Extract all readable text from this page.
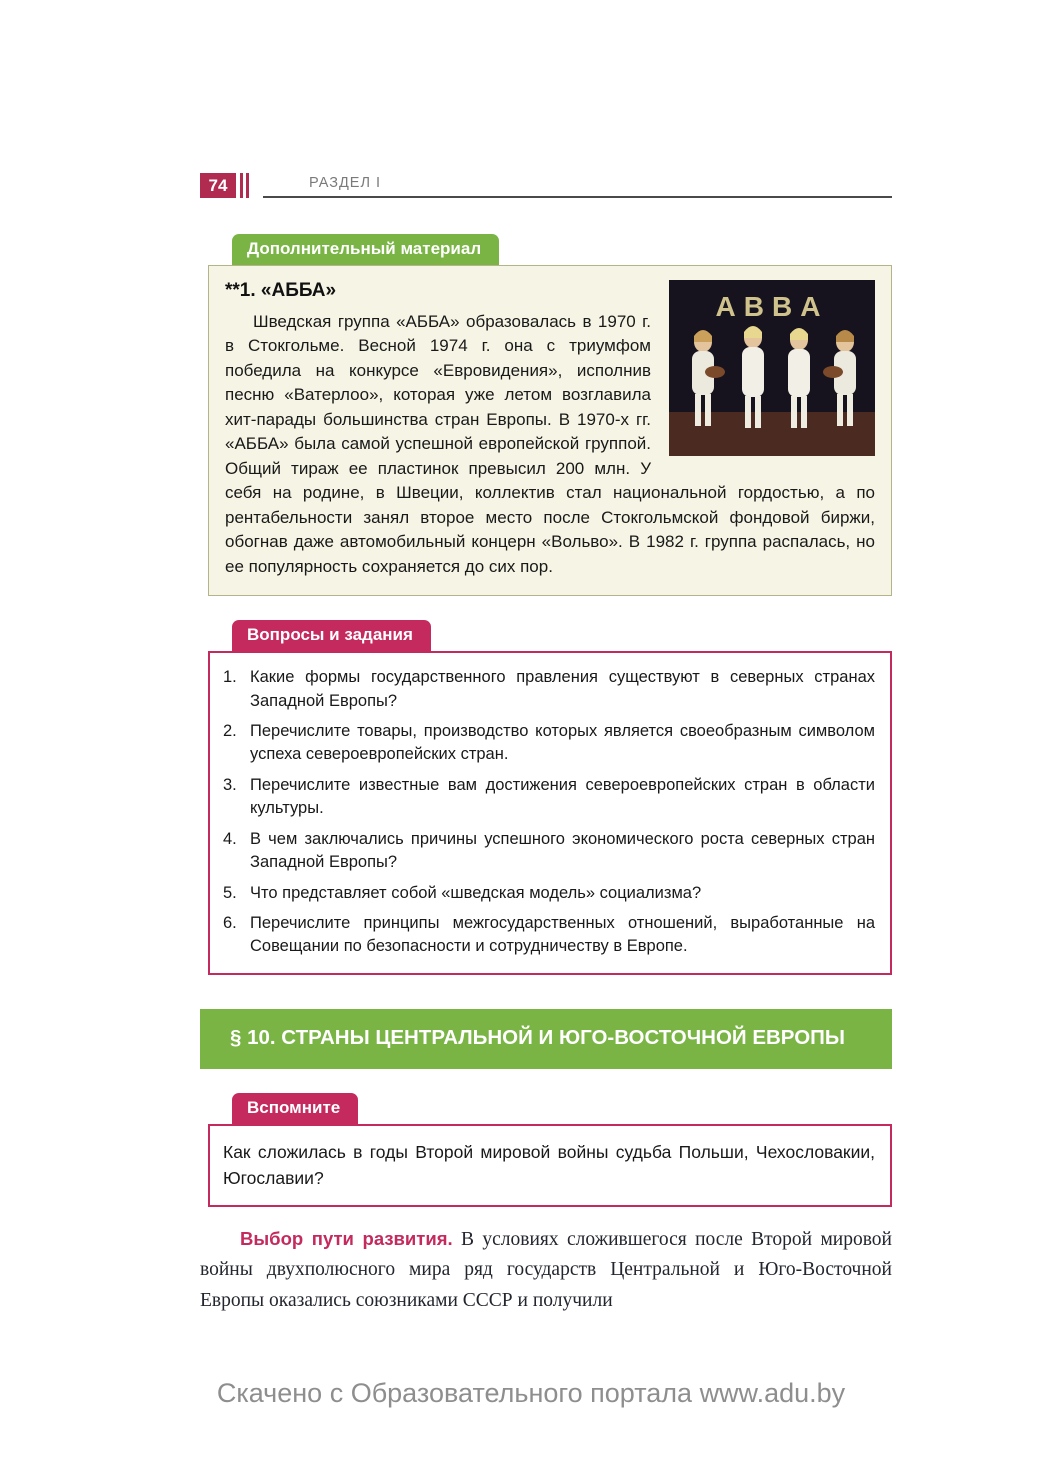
74	РАЗДЕЛ I
Дополнительный материал
ABBA
**1. «АББА»

Шведская группа «АББА» образовалась в 1970 г. в Стокгольме. Весной 1974 г. она с триумфом победила на конкурсе «Евровидения», исполнив песню «Ватерлоо», которая уже летом возглавила хит-парады большинства стран Европы. В 1970-х гг. «АББА» была самой успешной европейской группой. Общий тираж ее пластинок превысил 200 млн. У себя на родине, в Швеции, коллектив стал национальной гордостью, а по рентабельности занял второе место после Стокгольмской фондовой биржи, обогнав даже автомобильный концерн «Вольво». В 1982 г. группа распалась, но ее популярность сохраняется до сих пор.

Вопросы и задания
1. Какие формы государственного правления существуют в северных странах Западной Европы?
2. Перечислите товары, производство которых является своеобразным символом успеха североевропейских стран.
3. Перечислите известные вам достижения североевропейских стран в области культуры.
4. В чем заключались причины успешного экономического роста северных стран Западной Европы?
5. Что представляет собой «шведская модель» социализма?
6. Перечислите принципы межгосударственных отношений, выработанные на Совещании по безопасности и сотрудничеству в Европе.
§ 10. СТРАНЫ ЦЕНТРАЛЬНОЙ И ЮГО-ВОСТОЧНОЙ ЕВРОПЫ
Вспомните

Как сложилась в годы Второй мировой войны судьба Польши, Чехословакии, Югославии?

Выбор пути развития. В условиях сложившегося после Второй мировой войны двухполюсного мира ряд государств Центральной и Юго-Восточной Европы оказались союзниками СССР и получили

Скачено с Образовательного портала www.adu.by
